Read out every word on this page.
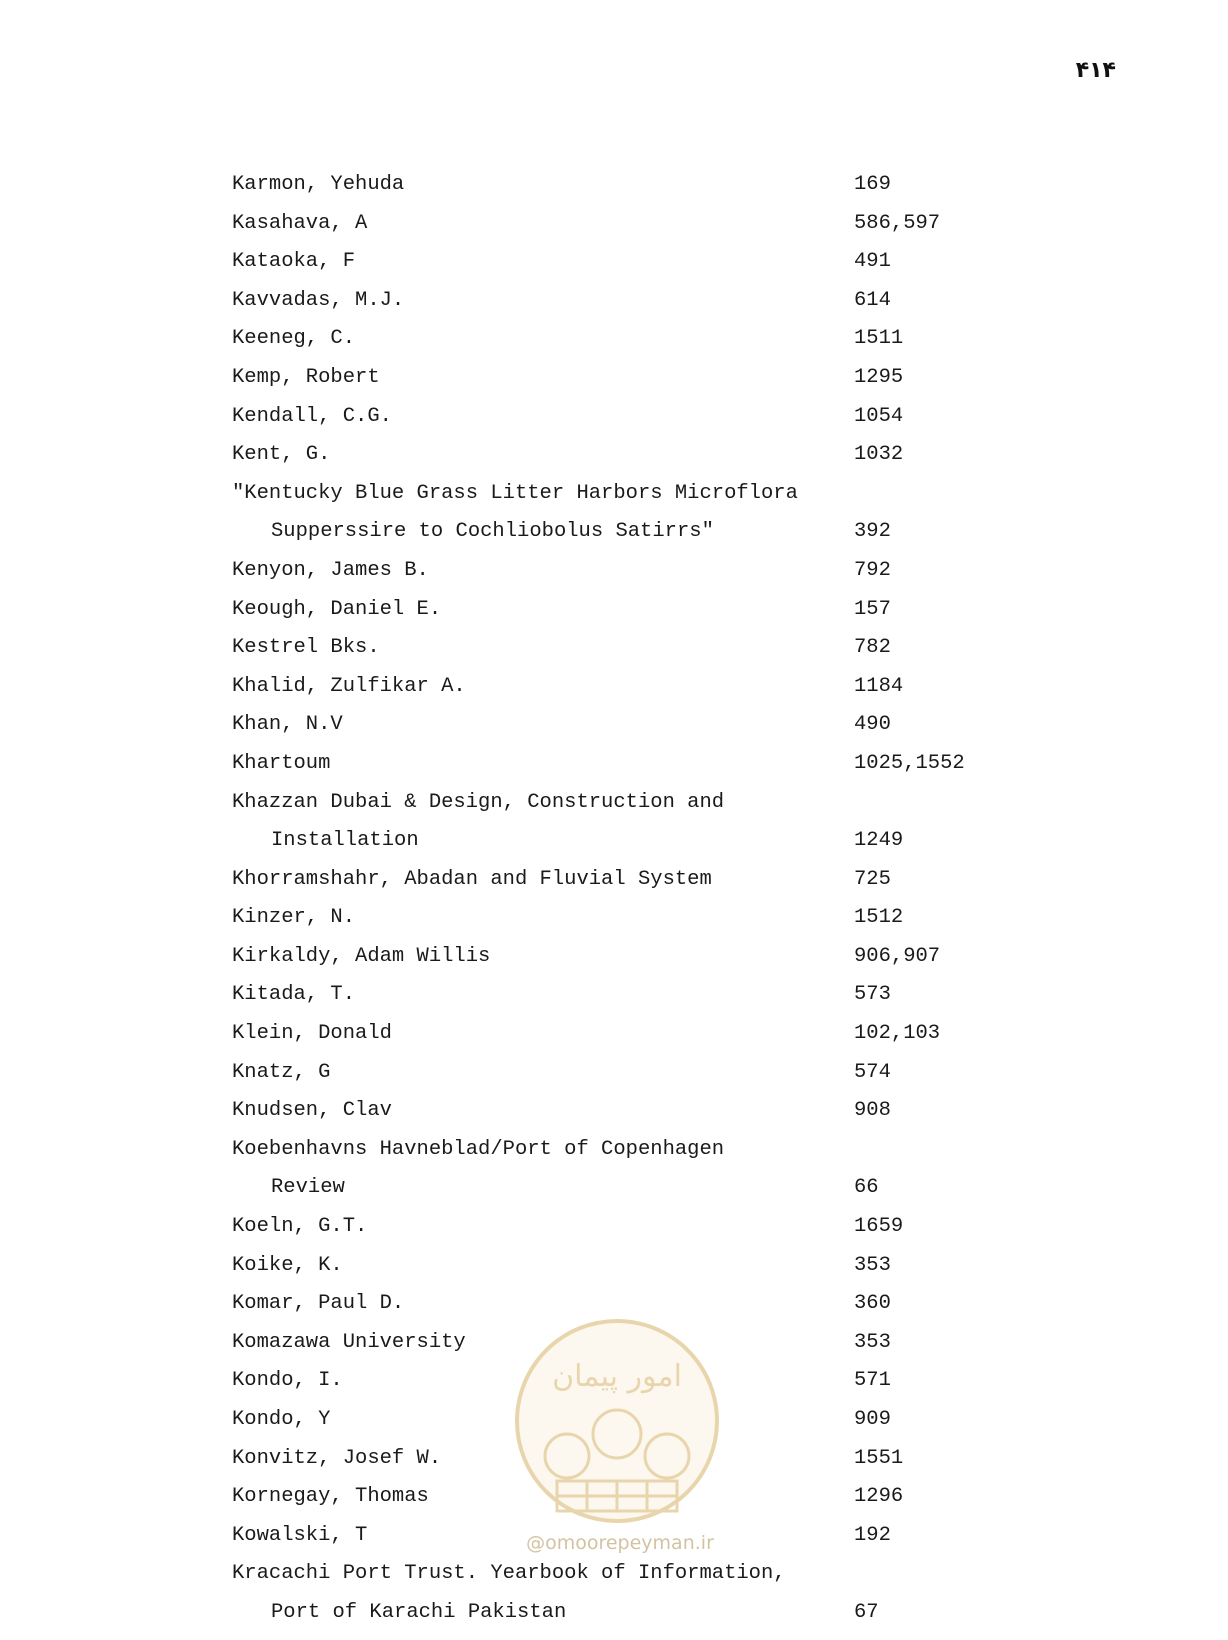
۴۱۴
Karmon, Yehuda	169
Kasahava, A	586,597
Kataoka, F	491
Kavvadas, M.J.	614
Keeneg, C.	1511
Kemp, Robert	1295
Kendall, C.G.	1054
Kent, G.	1032
"Kentucky Blue Grass Litter Harbors Microflora
Supperssire to Cochliobolus Satirrs"	392
Kenyon, James B.	792
Keough, Daniel E.	157
Kestrel Bks.	782
Khalid, Zulfikar A.	1184
Khan, N.V	490
Khartoum	1025,1552
Khazzan Dubai & Design, Construction and
Installation	1249
Khorramshahr, Abadan and Fluvial System	725
Kinzer, N.	1512
Kirkaldy, Adam Willis	906,907
Kitada, T.	573
Klein, Donald	102,103
Knatz, G	574
Knudsen, Clav	908
Koebenhavns Havneblad/Port of Copenhagen
Review	66
Koeln, G.T.	1659
Koike, K.	353
Komar, Paul D.	360
Komazawa University	353
Kondo, I.	571
Kondo, Y	909
Konvitz, Josef W.	1551
Kornegay, Thomas	1296
Kowalski, T	192
Kracachi Port Trust. Yearbook of Information,
Port of Karachi Pakistan	67
امور پیمان
@omoorepeyman.ir
